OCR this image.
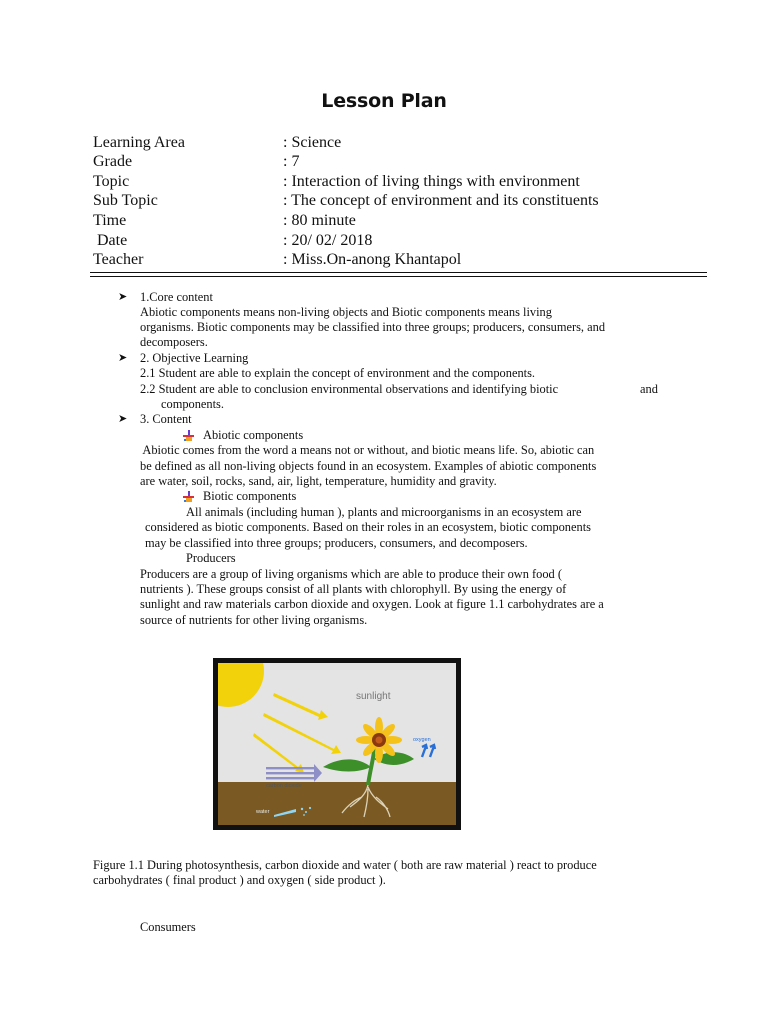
Lesson Plan
Learning Area	: Science
Grade	: 7
Topic	: Interaction of living things with environment
Sub Topic	: The concept of environment and its constituents
Time	: 80 minute
Date	: 20/ 02/ 2018
Teacher	: Miss.On-anong Khantapol
➤ 1.Core content
Abiotic components means non-living objects and Biotic components means living
organisms. Biotic components may be classified into three groups; producers, consumers, and
decomposers.
➤ 2. Objective Learning
2.1 Student are able to explain the concept of environment and the components.
2.2 Student are able to conclusion environmental observations and identifying biotic	and
components.
➤ 3. Content
Abiotic components
Abiotic comes from the word a means not or without, and biotic means life. So, abiotic can
be defined as all non-living objects found in an ecosystem. Examples of abiotic components
are water, soil, rocks, sand, air, light, temperature, humidity and gravity.
Biotic components
All animals (including human ), plants and microorganisms in an ecosystem are
considered as biotic components. Based on their roles in an ecosystem, biotic components
may be classified into three groups; producers, consumers, and decomposers.
Producers
Producers are a group of living organisms which are able to produce their own food (
nutrients ). These groups consist of all plants with chlorophyll. By using the energy of
sunlight and raw materials carbon dioxide and oxygen. Look at figure 1.1 carbohydrates are a
source of nutrients for other living organisms.
sunlight
oxygen
carbon dioxide
water
Figure 1.1 During photosynthesis, carbon dioxide and water ( both are raw material ) react to produce
carbohydrates ( final product ) and oxygen ( side product ).
Consumers
